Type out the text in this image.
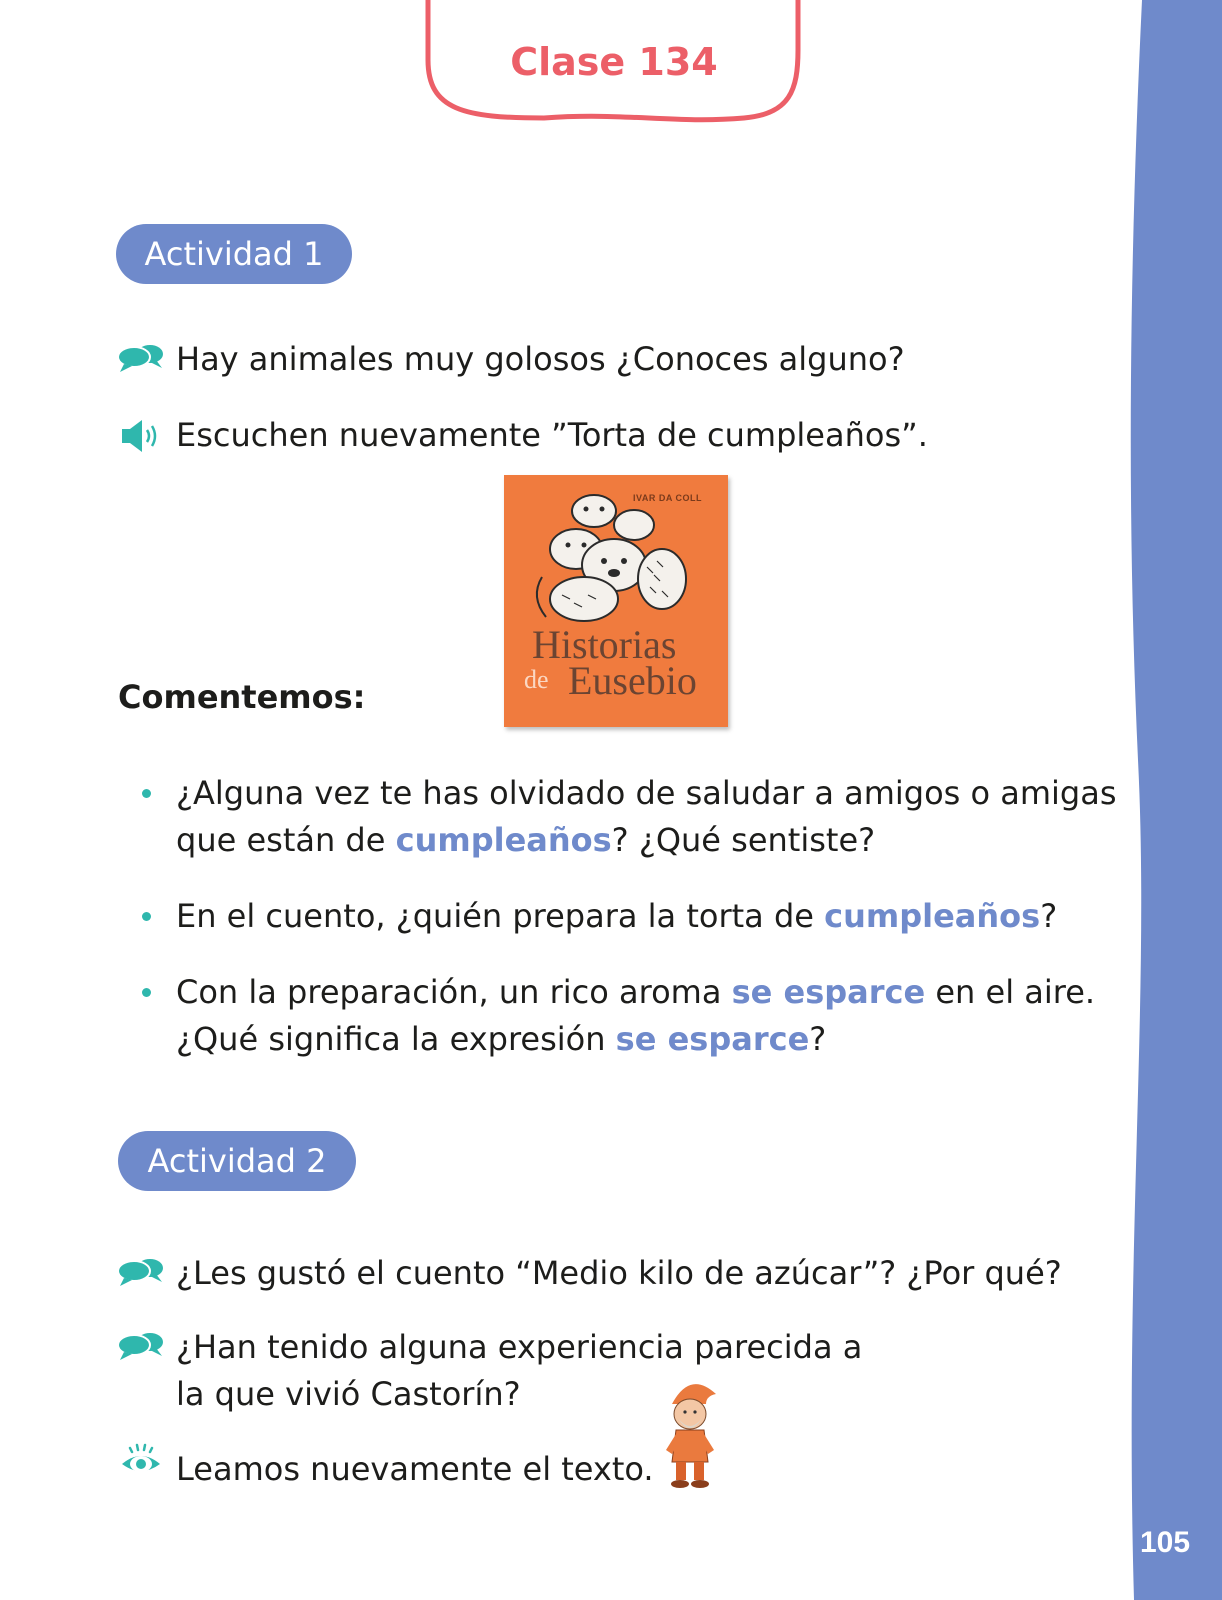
105
Clase 134
Actividad 1
Hay animales muy golosos ¿Conoces alguno?
Escuchen nuevamente ”Torta de cumpleaños”.
IVAR DA COLL
Historias
de Eusebio
Comentemos:
¿Alguna vez te has olvidado de saludar a amigos o amigas
que están de cumpleaños? ¿Qué sentiste?
En el cuento, ¿quién prepara la torta de cumpleaños?
Con la preparación, un rico aroma se esparce en el aire.
¿Qué significa la expresión se esparce?
Actividad 2
¿Les gustó el cuento “Medio kilo de azúcar”? ¿Por qué?
¿Han tenido alguna experiencia parecida a
la que vivió Castorín?
Leamos nuevamente el texto.
